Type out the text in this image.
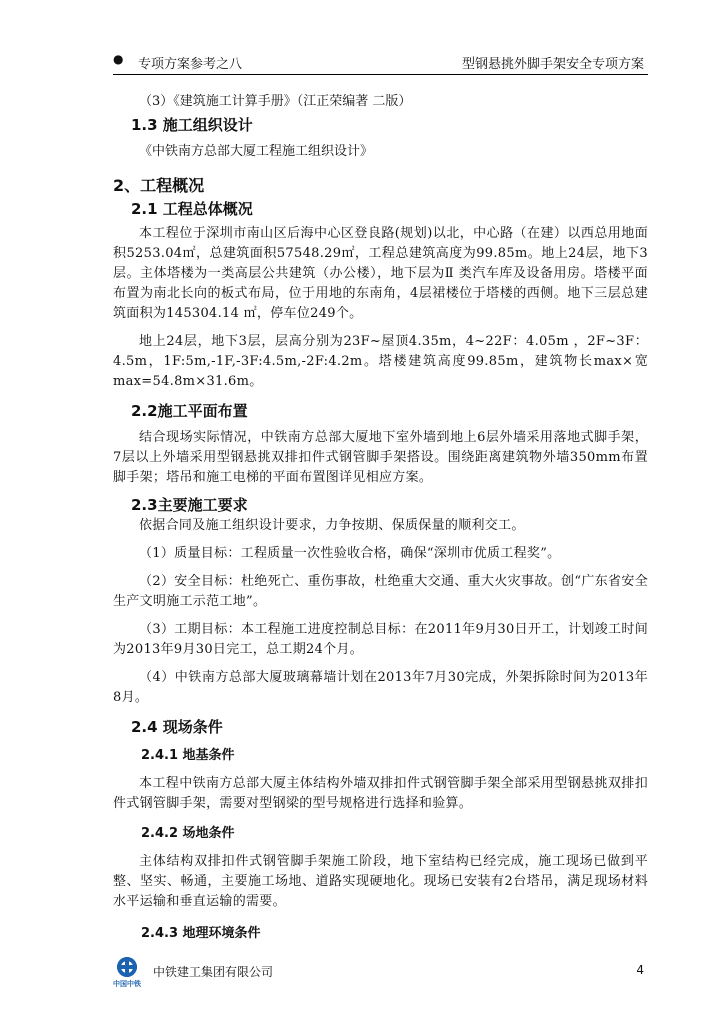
● 专项方案参考之八	型钢悬挑外脚手架安全专项方案

（3）《建筑施工计算手册》（江正荣编著 二版）

1.3 施工组织设计

《中铁南方总部大厦工程施工组织设计》

2、工程概况
2.1 工程总体概况

本工程位于深圳市南山区后海中心区登良路(规划)以北，中心路（在建）以西总用地面积5253.04㎡，总建筑面积57548.29㎡，工程总建筑高度为99.85m。地上24层，地下3层。主体塔楼为一类高层公共建筑（办公楼），地下层为Ⅱ 类汽车库及设备用房。塔楼平面布置为南北长向的板式布局，位于用地的东南角，4层裙楼位于塔楼的西侧。地下三层总建筑面积为145304.14 ㎡，停车位249个。

地上24层，地下3层，层高分别为23F~屋顶4.35m，4~22F：4.05m ，2F~3F：4.5m，1F:5m,-1F,-3F:4.5m,-2F:4.2m。塔楼建筑高度99.85m，建筑物长max×宽max=54.8m×31.6m。

2.2施工平面布置

结合现场实际情况，中铁南方总部大厦地下室外墙到地上6层外墙采用落地式脚手架，7层以上外墙采用型钢悬挑双排扣件式钢管脚手架搭设。围绕距离建筑物外墙350mm布置脚手架；塔吊和施工电梯的平面布置图详见相应方案。

2.3主要施工要求

依据合同及施工组织设计要求，力争按期、保质保量的顺利交工。

（1）质量目标：工程质量一次性验收合格，确保“深圳市优质工程奖”。

（2）安全目标：杜绝死亡、重伤事故，杜绝重大交通、重大火灾事故。创“广东省安全生产文明施工示范工地”。

（3）工期目标：本工程施工进度控制总目标：在2011年9月30日开工，计划竣工时间为2013年9月30日完工，总工期24个月。

（4）中铁南方总部大厦玻璃幕墙计划在2013年7月30完成，外架拆除时间为2013年8月。

2.4 现场条件
2.4.1 地基条件

本工程中铁南方总部大厦主体结构外墙双排扣件式钢管脚手架全部采用型钢悬挑双排扣件式钢管脚手架，需要对型钢梁的型号规格进行选择和验算。

2.4.2 场地条件

主体结构双排扣件式钢管脚手架施工阶段，地下室结构已经完成，施工现场已做到平整、坚实、畅通，主要施工场地、道路实现硬地化。现场已安装有2台塔吊，满足现场材料水平运输和垂直运输的需要。

2.4.3 地理环境条件
中国中铁
中铁建工集团有限公司	4
